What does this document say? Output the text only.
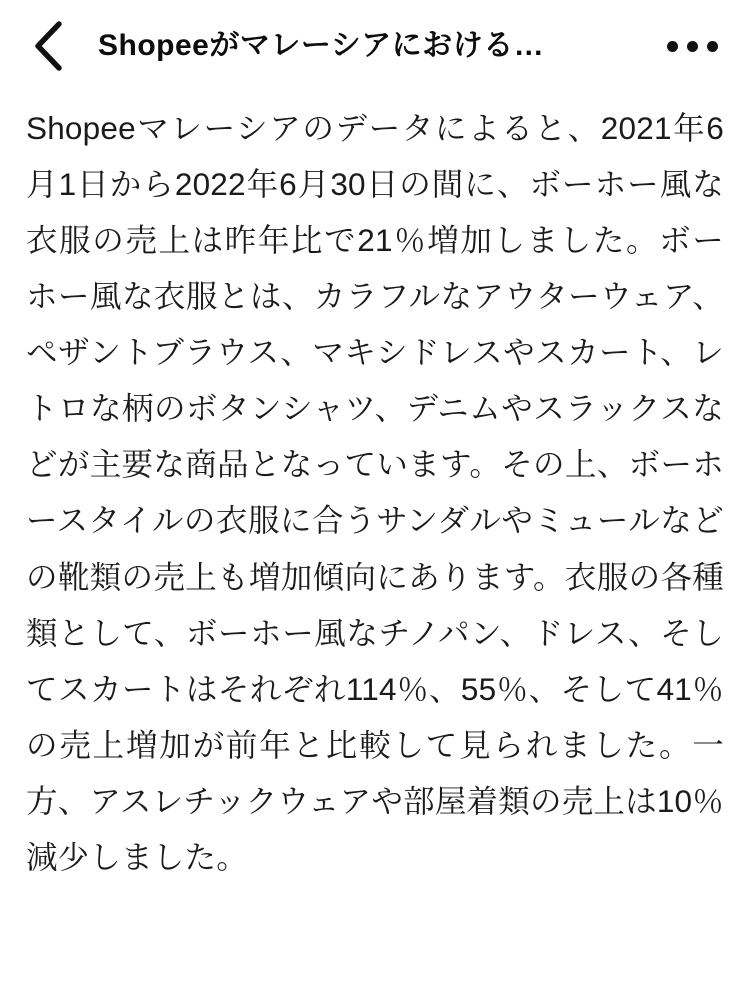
Shopeeがマレーシアにおける…

Shopeeマレーシアのデータによると、2021年6月1日から2022年6月30日の間に、ボーホー風な衣服の売上は昨年比で21％増加しました。ボーホー風な衣服とは、カラフルなアウターウェア、ペザントブラウス、マキシドレスやスカート、レトロな柄のボタンシャツ、デニムやスラックスなどが主要な商品となっています。その上、ボーホースタイルの衣服に合うサンダルやミュールなどの靴類の売上も増加傾向にあります。衣服の各種類として、ボーホー風なチノパン、ドレス、そしてスカートはそれぞれ114％、55％、そして41％の売上増加が前年と比較して見られました。一方、アスレチックウェアや部屋着類の売上は10％減少しました。
